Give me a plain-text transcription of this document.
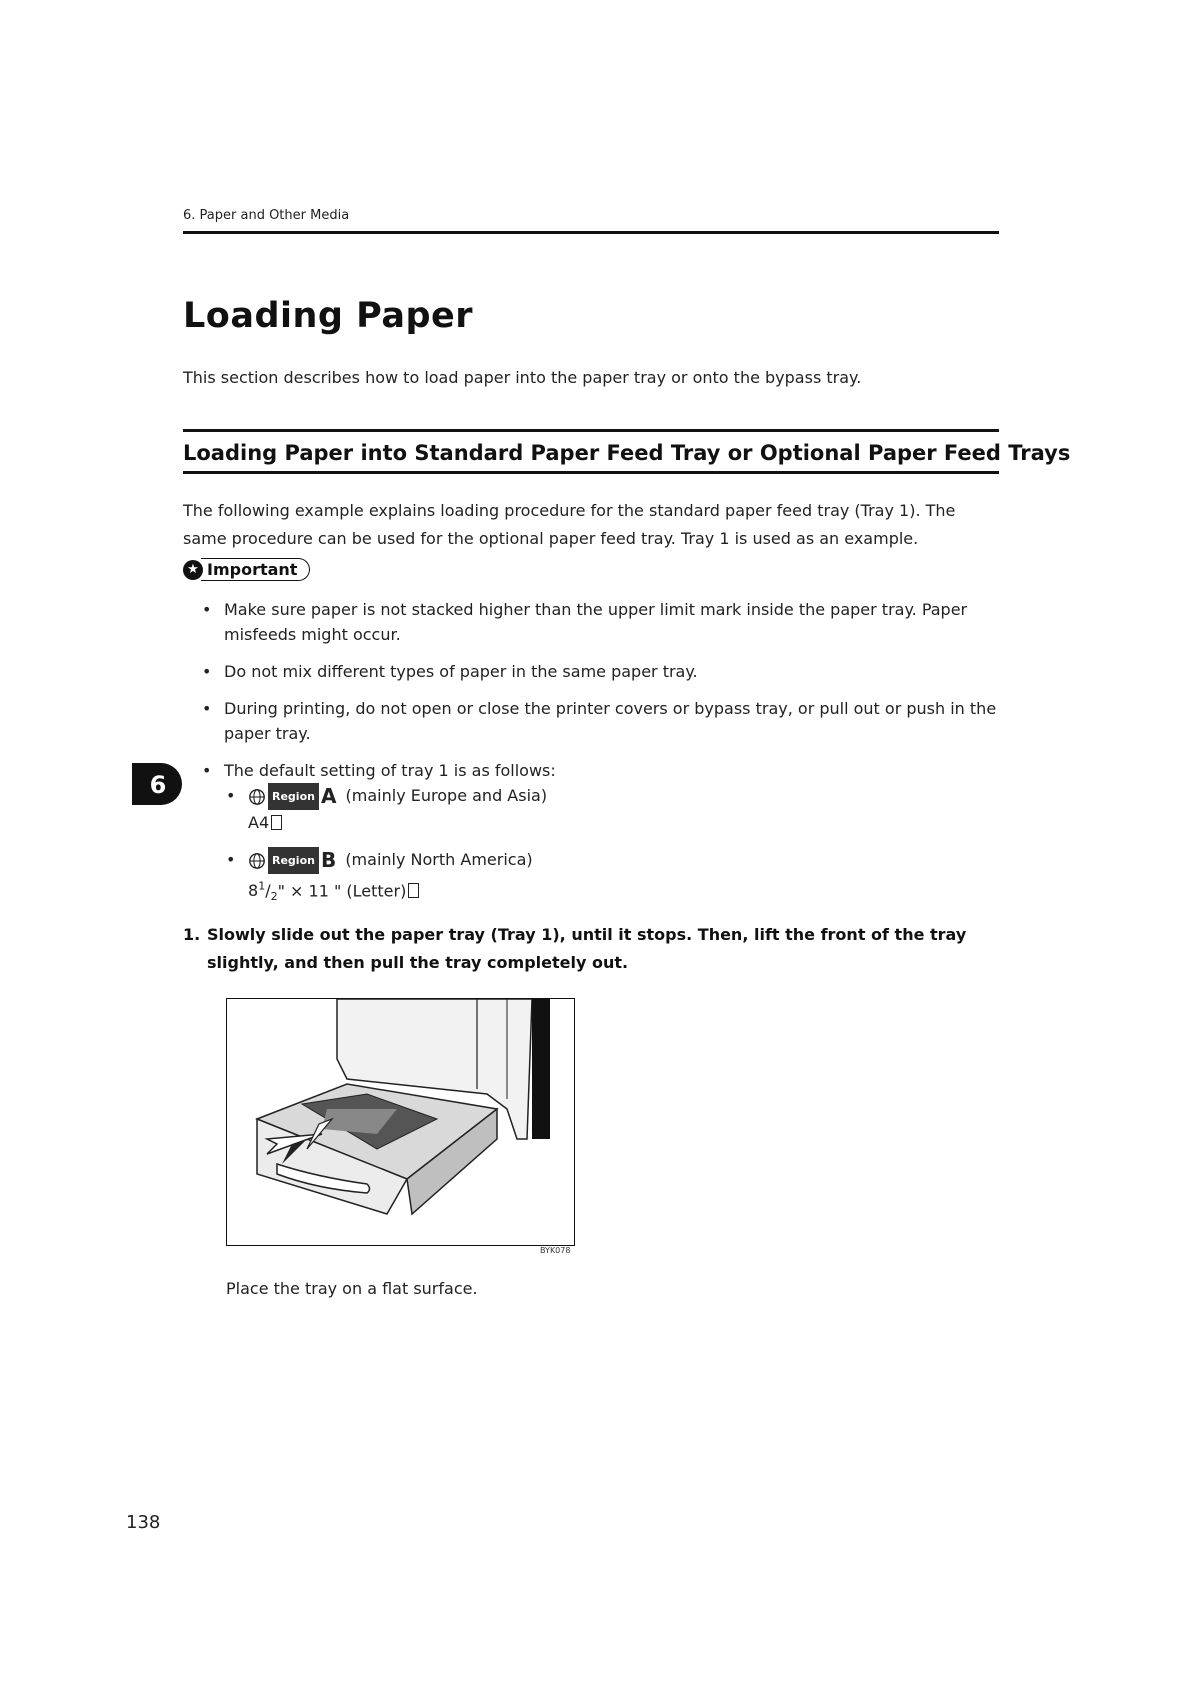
6. Paper and Other Media
Loading Paper
This section describes how to load paper into the paper tray or onto the bypass tray.
Loading Paper into Standard Paper Feed Tray or Optional Paper Feed Trays
The following example explains loading procedure for the standard paper feed tray (Tray 1). The same procedure can be used for the optional paper feed tray. Tray 1 is used as an example.
★ Important
• Make sure paper is not stacked higher than the upper limit mark inside the paper tray. Paper misfeeds might occur.
• Do not mix different types of paper in the same paper tray.
• During printing, do not open or close the printer covers or bypass tray, or pull out or push in the paper tray.
• The default setting of tray 1 is as follows:
• Region A (mainly Europe and Asia)
A4
• Region B (mainly North America)
$8^1/_2$" × 11 " (Letter)
1. Slowly slide out the paper tray (Tray 1), until it stops. Then, lift the front of the tray slightly, and then pull the tray completely out.
BYK078
Place the tray on a flat surface.
6
138
